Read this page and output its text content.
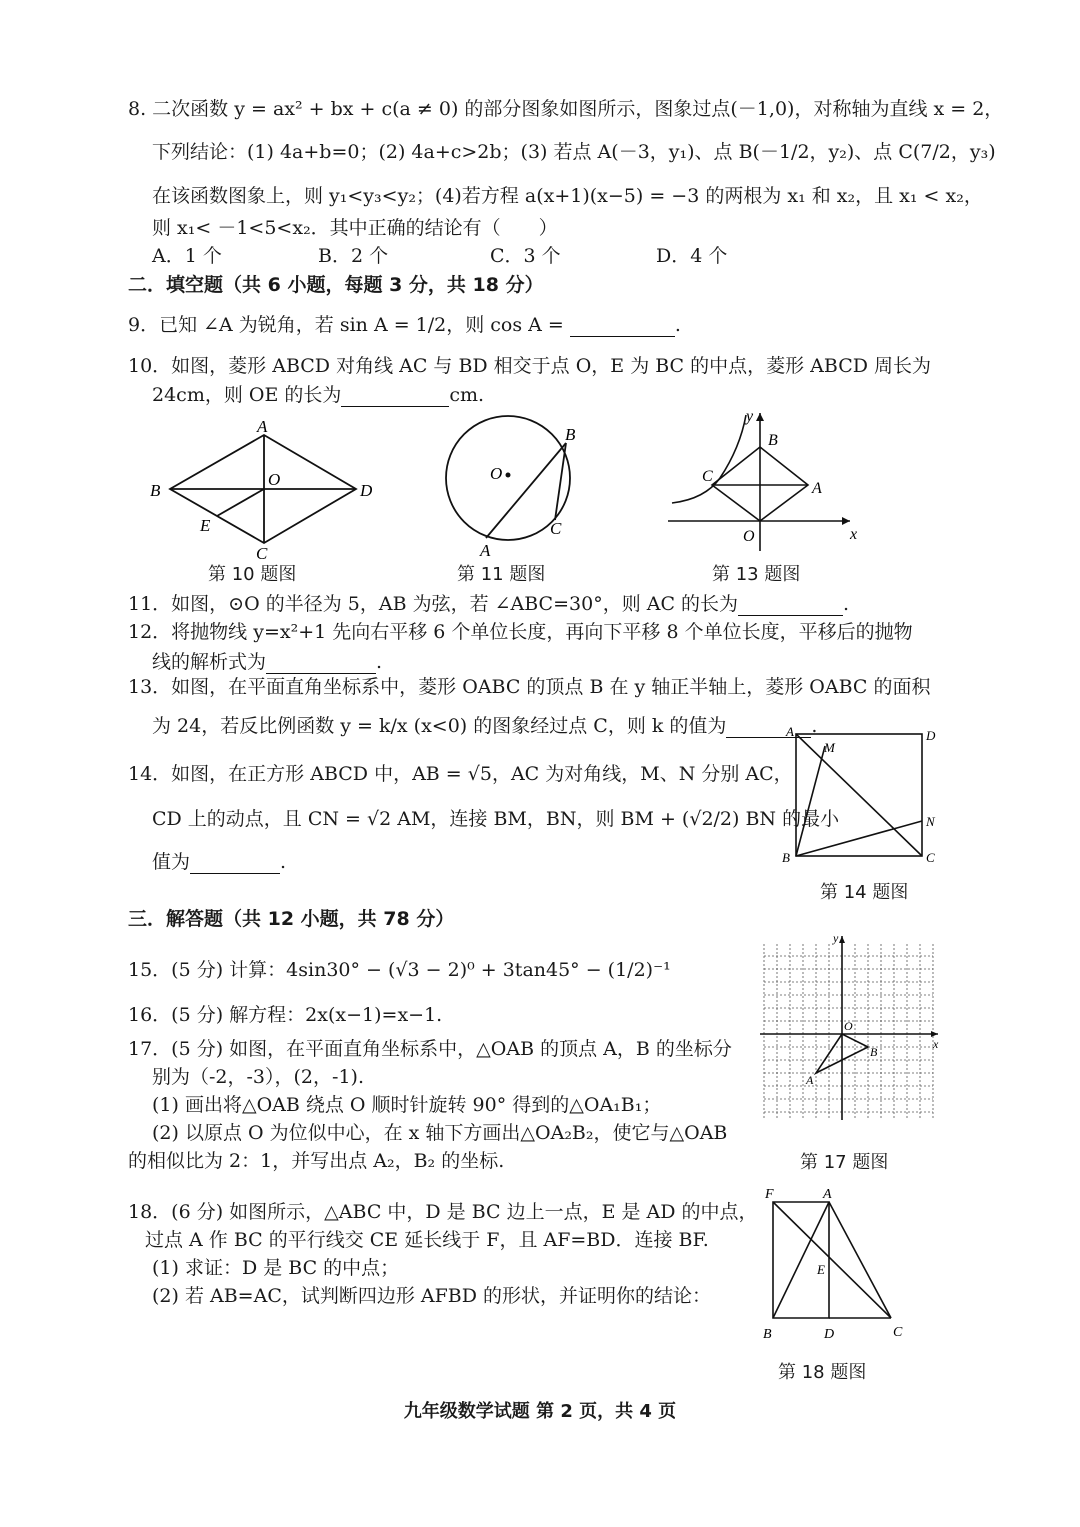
8. 二次函数 y = ax² + bx + c(a ≠ 0) 的部分图象如图所示，图象过点(－1,0)，对称轴为直线 x = 2，
下列结论：(1) 4a+b=0；(2) 4a+c>2b；(3) 若点 A(－3，y₁)、点 B(－1/2，y₂)、点 C(7/2，y₃)
在该函数图象上，则 y₁<y₃<y₂；(4)若方程 a(x+1)(x−5) = −3 的两根为 x₁ 和 x₂，且 x₁ < x₂，
则 x₁< －1<5<x₂．其中正确的结论有（　　）
A．1 个	B．2 个	C．3 个	D．4 个
二．填空题（共 6 小题，每题 3 分，共 18 分）
9．已知 ∠A 为锐角，若 sin A = 1/2，则 cos A =	.
10．如图，菱形 ABCD 对角线 AC 与 BD 相交于点 O，E 为 BC 的中点，菱形 ABCD 周长为
24cm，则 OE 的长为	cm.
A
B
C
D
O
E
第 10 题图
O
B
C
A
第 11 题图
x
y
O
A
B
C
第 13 题图
11．如图，⊙O 的半径为 5，AB 为弦，若 ∠ABC=30°，则 AC 的长为	.
12．将抛物线 y=x²+1 先向右平移 6 个单位长度，再向下平移 8 个单位长度，平移后的抛物
线的解析式为	.
13．如图，在平面直角坐标系中，菱形 OABC 的顶点 B 在 y 轴正半轴上，菱形 OABC 的面积
为 24，若反比例函数 y = k/x (x<0) 的图象经过点 C，则 k 的值为	.
14．如图，在正方形 ABCD 中，AB = √5，AC 为对角线，M、N 分别 AC，
CD 上的动点，且 CN = √2 AM，连接 BM，BN，则 BM + (√2/2) BN 的最小
值为	.
A	D
B	C
M
N
第 14 题图
三．解答题（共 12 小题，共 78 分）
15．(5 分) 计算：4sin30° − (√3 − 2)⁰ + 3tan45° − (1/2)⁻¹
16．(5 分) 解方程：2x(x−1)=x−1.
17．(5 分) 如图，在平面直角坐标系中，△OAB 的顶点 A，B 的坐标分
别为（-2，-3），(2，-1).
(1) 画出将△OAB 绕点 O 顺时针旋转 90° 得到的△OA₁B₁；
(2) 以原点 O 为位似中心，在 x 轴下方画出△OA₂B₂，使它与△OAB
的相似比为 2：1，并写出点 A₂，B₂ 的坐标.
x
y
O
A
B
第 17 题图
18．(6 分) 如图所示，△ABC 中，D 是 BC 边上一点，E 是 AD 的中点，
过点 A 作 BC 的平行线交 CE 延长线于 F，且 AF=BD．连接 BF.
(1) 求证：D 是 BC 的中点；
(2) 若 AB=AC，试判断四边形 AFBD 的形状，并证明你的结论：
F	A
E
B	D	C
第 18 题图
九年级数学试题 第 2 页，共 4 页
